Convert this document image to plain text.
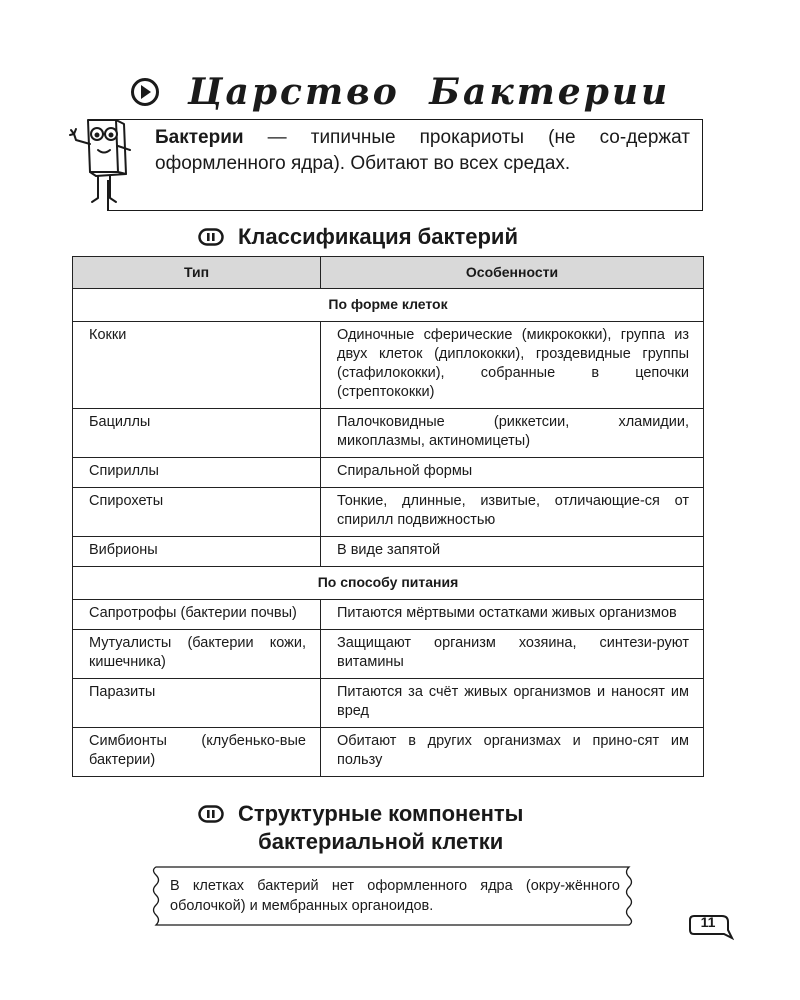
Царство Бактерии
Бактерии — типичные прокариоты (не со-держат оформленного ядра). Обитают во всех средах.
Классификация бактерий
Тип	Особенности
По форме клеток	
Кокки	Одиночные сферические (микрококки), группа из двух клеток (диплококки), гроздевидные группы (стафилококки), собранные в цепочки (стрептококки)
Бациллы	Палочковидные (риккетсии, хламидии, микоплазмы, актиномицеты)
Спириллы	Спиральной формы
Спирохеты	Тонкие, длинные, извитые, отличающие-ся от спирилл подвижностью
Вибрионы	В виде запятой
По способу питания	
Сапротрофы (бактерии почвы)	Питаются мёртвыми остатками живых организмов
Мутуалисты (бактерии кожи, кишечника)	Защищают организм хозяина, синтези-руют витамины
Паразиты	Питаются за счёт живых организмов и наносят им вред
Симбионты (клубенько-вые бактерии)	Обитают в других организмах и прино-сят им пользу
Структурные компоненты
бактериальной клетки
В клетках бактерий нет оформленного ядра (окру-жённого оболочкой) и мембранных органоидов.
11
